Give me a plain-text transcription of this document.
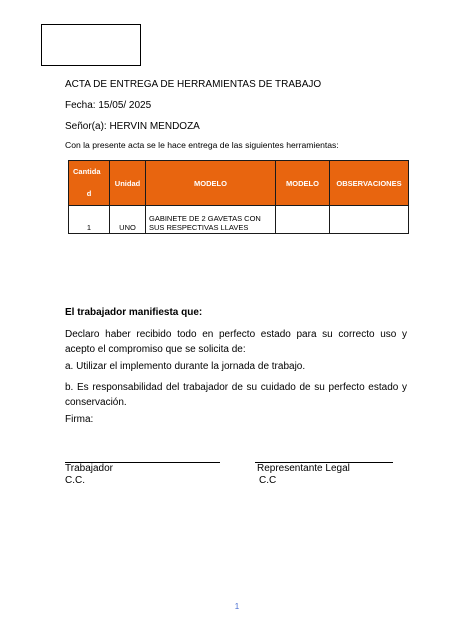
ACTA DE ENTREGA DE HERRAMIENTAS DE TRABAJO
Fecha: 15/05/ 2025
Señor(a): HERVIN MENDOZA
Con la presente acta se le hace entrega de las siguientes herramientas:
Cantida
d	Unidad	MODELO	MODELO	OBSERVACIONES
1	UNO	GABINETE DE 2 GAVETAS CON SUS RESPECTIVAS LLAVES		
El trabajador manifiesta que:
Declaro haber recibido todo en perfecto estado para su correcto uso y acepto el compromiso que se solicita de:
a. Utilizar el implemento durante la jornada de trabajo.
b. Es responsabilidad del trabajador de su cuidado de su perfecto estado y conservación.
Firma:
Trabajador
C.C.
Representante Legal
C.C
1
